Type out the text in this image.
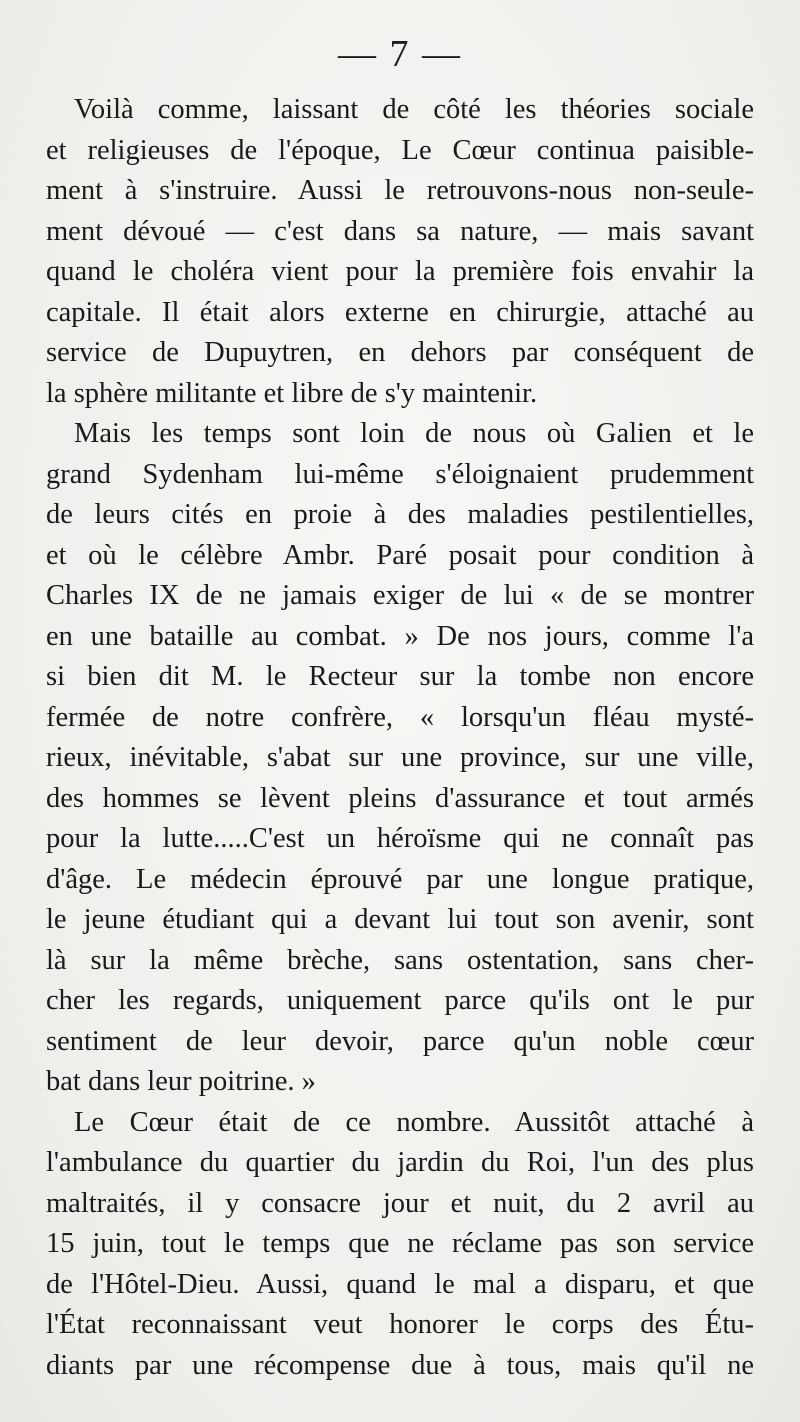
— 7 —
Voilà comme, laissant de côté les théories sociale
et religieuses de l'époque, Le Cœur continua paisible-
ment à s'instruire. Aussi le retrouvons-nous non-seule-
ment dévoué — c'est dans sa nature, — mais savant
quand le choléra vient pour la première fois envahir la
capitale. Il était alors externe en chirurgie, attaché au
service de Dupuytren, en dehors par conséquent de
la sphère militante et libre de s'y maintenir.
Mais les temps sont loin de nous où Galien et le
grand Sydenham lui-même s'éloignaient prudemment
de leurs cités en proie à des maladies pestilentielles,
et où le célèbre Ambr. Paré posait pour condition à
Charles IX de ne jamais exiger de lui « de se montrer
en une bataille au combat. » De nos jours, comme l'a
si bien dit M. le Recteur sur la tombe non encore
fermée de notre confrère, « lorsqu'un fléau mysté-
rieux, inévitable, s'abat sur une province, sur une ville,
des hommes se lèvent pleins d'assurance et tout armés
pour la lutte.....C'est un héroïsme qui ne connaît pas
d'âge. Le médecin éprouvé par une longue pratique,
le jeune étudiant qui a devant lui tout son avenir, sont
là sur la même brèche, sans ostentation, sans cher-
cher les regards, uniquement parce qu'ils ont le pur
sentiment de leur devoir, parce qu'un noble cœur
bat dans leur poitrine. »
Le Cœur était de ce nombre. Aussitôt attaché à
l'ambulance du quartier du jardin du Roi, l'un des plus
maltraités, il y consacre jour et nuit, du 2 avril au
15 juin, tout le temps que ne réclame pas son service
de l'Hôtel-Dieu. Aussi, quand le mal a disparu, et que
l'État reconnaissant veut honorer le corps des Étu-
diants par une récompense due à tous, mais qu'il ne
